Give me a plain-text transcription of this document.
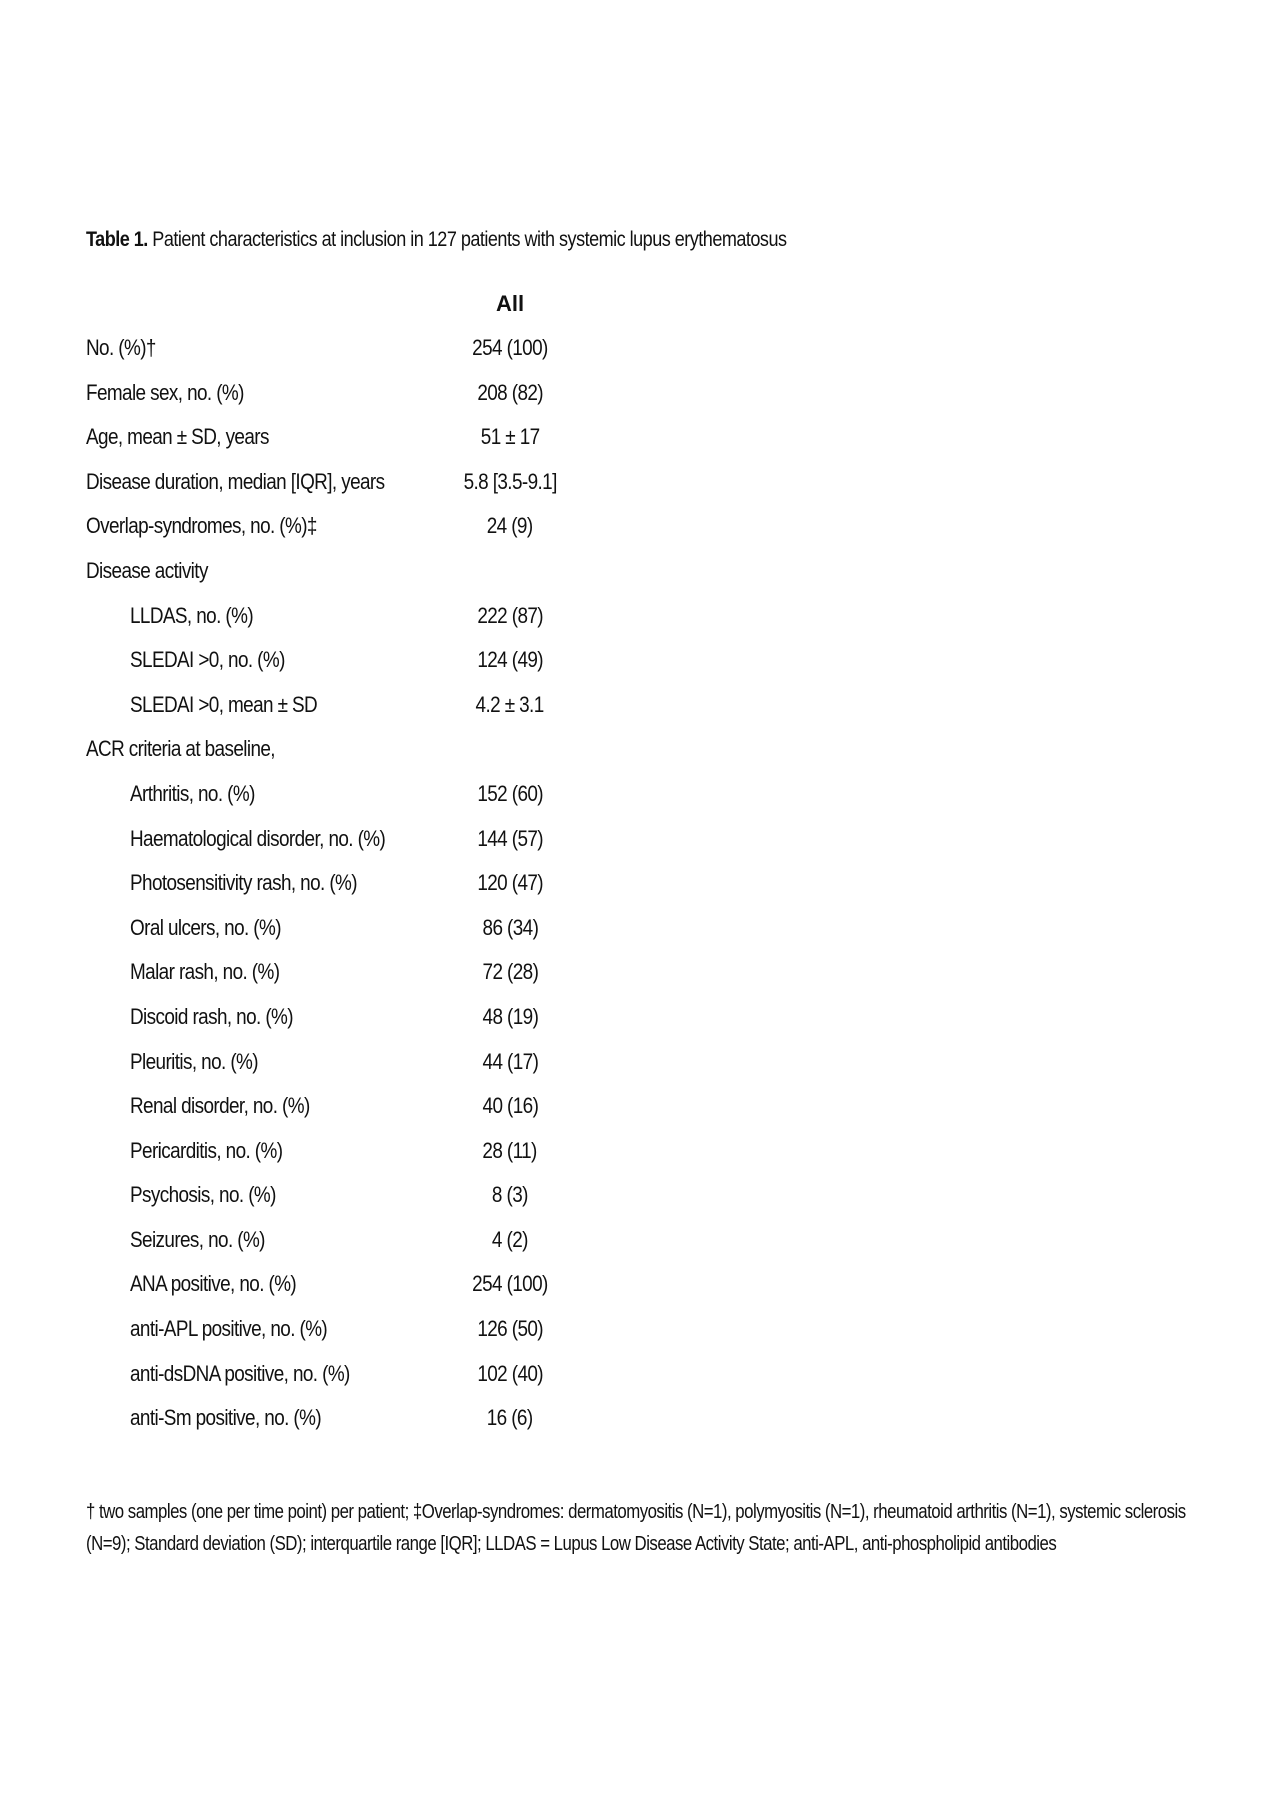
Table 1. Patient characteristics at inclusion in 127 patients with systemic lupus erythematosus
All
No. (%)†	254 (100)
Female sex, no. (%)	208 (82)
Age, mean ± SD, years	51 ± 17
Disease duration, median [IQR], years	5.8 [3.5-9.1]
Overlap-syndromes, no. (%)‡	24 (9)
Disease activity
LLDAS, no. (%)	222 (87)
SLEDAI >0, no. (%)	124 (49)
SLEDAI >0, mean ± SD	4.2 ± 3.1
ACR criteria at baseline,
Arthritis, no. (%)	152 (60)
Haematological disorder, no. (%)	144 (57)
Photosensitivity rash, no. (%)	120 (47)
Oral ulcers, no. (%)	86 (34)
Malar rash, no. (%)	72 (28)
Discoid rash, no. (%)	48 (19)
Pleuritis, no. (%)	44 (17)
Renal disorder, no. (%)	40 (16)
Pericarditis, no. (%)	28 (11)
Psychosis, no. (%)	8 (3)
Seizures, no. (%)	4 (2)
ANA positive, no. (%)	254 (100)
anti-APL positive, no. (%)	126 (50)
anti-dsDNA positive, no. (%)	102 (40)
anti-Sm positive, no. (%)	16 (6)
† two samples (one per time point) per patient; ‡Overlap-syndromes: dermatomyositis (N=1), polymyositis (N=1), rheumatoid arthritis (N=1), systemic sclerosis (N=9); Standard deviation (SD); interquartile range [IQR]; LLDAS = Lupus Low Disease Activity State; anti-APL, anti-phospholipid antibodies
